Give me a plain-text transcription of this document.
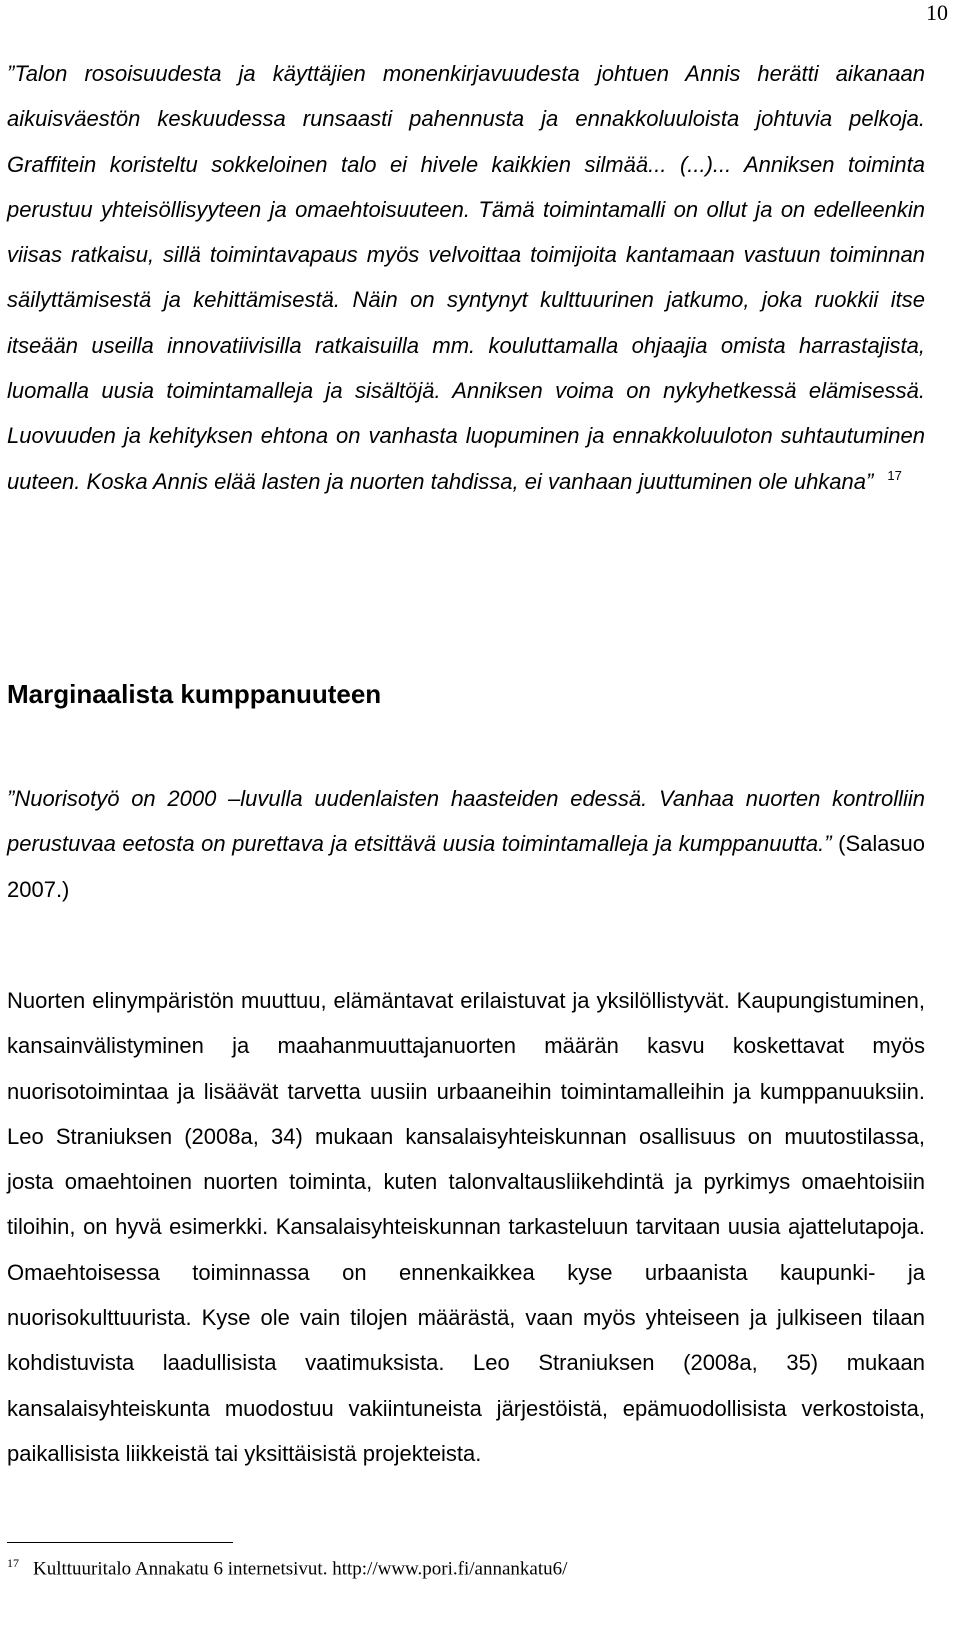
10

”Talon rosoisuudesta ja käyttäjien monenkirjavuudesta johtuen Annis herätti aikanaan aikuisväestön keskuudessa runsaasti pahennusta ja ennakkoluuloista johtuvia pelkoja. Graffitein koristeltu sokkeloinen talo ei hivele kaikkien silmää... (...)... Anniksen toiminta perustuu yhteisöllisyyteen ja omaehtoisuuteen. Tämä toimintamalli on ollut ja on edelleenkin viisas ratkaisu, sillä toimintavapaus myös velvoittaa toimijoita kantamaan vastuun toiminnan säilyttämisestä ja kehittämisestä. Näin on syntynyt kulttuurinen jatkumo, joka ruokkii itse itseään useilla innovatiivisilla ratkaisuilla mm. kouluttamalla ohjaajia omista harrastajista, luomalla uusia toimintamalleja ja sisältöjä. Anniksen voima on nykyhetkessä elämisessä. Luovuuden ja kehityksen ehtona on vanhasta luopuminen ja ennakkoluuloton suhtautuminen uuteen. Koska Annis elää lasten ja nuorten tahdissa, ei vanhaan juuttuminen ole uhkana” $^{17}$

Marginaalista kumppanuuteen

”Nuorisotyö on 2000 –luvulla uudenlaisten haasteiden edessä. Vanhaa nuorten kontrolliin perustuvaa eetosta on purettava ja etsittävä uusia toimintamalleja ja kumppanuutta.” (Salasuo 2007.)

Nuorten elinympäristön muuttuu, elämäntavat erilaistuvat ja yksilöllistyvät. Kaupungistuminen, kansainvälistyminen ja maahanmuuttajanuorten määrän kasvu koskettavat myös nuorisotoimintaa ja lisäävät tarvetta uusiin urbaaneihin toimintamalleihin ja kumppanuuksiin. Leo Straniuksen (2008a, 34) mukaan kansalaisyhteiskunnan osallisuus on muutostilassa, josta omaehtoinen nuorten toiminta, kuten talonvaltausliikehdintä ja pyrkimys omaehtoisiin tiloihin, on hyvä esimerkki. Kansalaisyhteiskunnan tarkasteluun tarvitaan uusia ajattelutapoja. Omaehtoisessa toiminnassa on ennenkaikkea kyse urbaanista kaupunki- ja nuorisokulttuurista. Kyse ole vain tilojen määrästä, vaan myös yhteiseen ja julkiseen tilaan kohdistuvista laadullisista vaatimuksista. Leo Straniuksen (2008a, 35) mukaan kansalaisyhteiskunta muodostuu vakiintuneista järjestöistä, epämuodollisista verkostoista, paikallisista liikkeistä tai yksittäisistä projekteista.

$^{17}$ Kulttuuritalo Annakatu 6 internetsivut. http://www.pori.fi/annankatu6/
